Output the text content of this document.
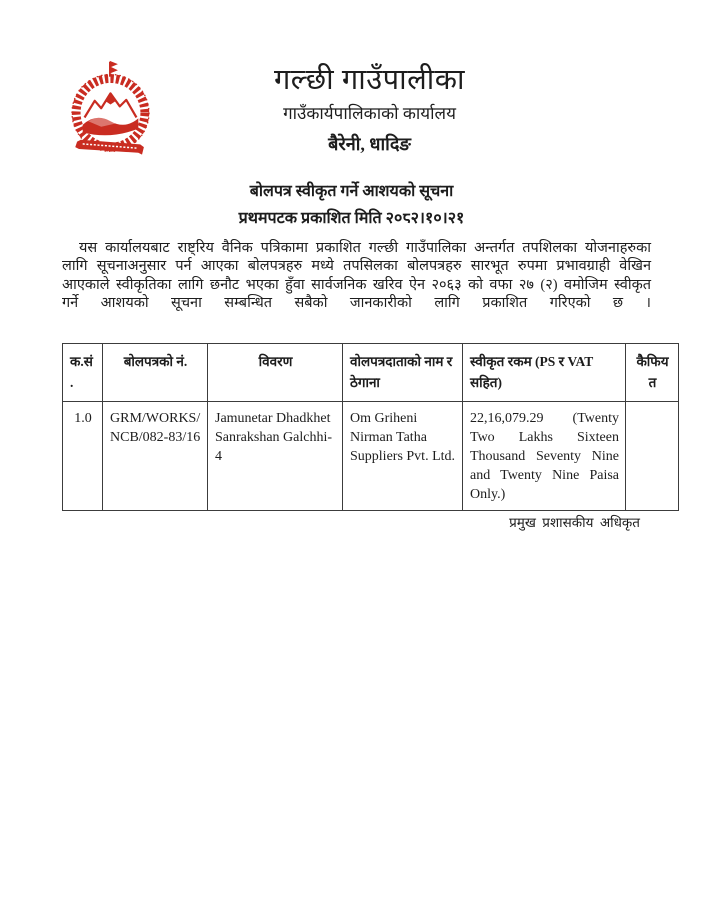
गल्छी गाउँपालीका
गाउँकार्यपालिकाको कार्यालय
बैरेनी, धादिङ
बोलपत्र स्वीकृत गर्ने आशयको सूचना
प्रथमपटक प्रकाशित मिति २०८२।१०।२१
यस कार्यालयबाट राष्ट्रिय वैनिक पत्रिकामा प्रकाशित गल्छी गाउँपालिका अन्तर्गत तपशिलका योजनाहरुका लागि सूचनाअनुसार पर्न आएका बोलपत्रहरु मध्ये तपसिलका बोलपत्रहरु सारभूत रुपमा प्रभावग्राही वेखिन आएकाले स्वीकृतिका लागि छनौट भएका हुँवा सार्वजनिक खरिव ऐन २०६३ को वफा २७ (२) वमोजिम स्वीकृत गर्ने आशयको सूचना सम्बन्धित सबैको जानकारीको लागि प्रकाशित गरिएको छ ।
क.सं .	बोलपत्रको नं.	विवरण	वोलपत्रदाताको नाम र ठेगाना	स्वीकृत रकम (PS र VAT सहित)	कैफियत
1.0	GRM/WORKS/NCB/082-83/16	Jamunetar Dhadkhet Sanrakshan Galchhi-4	Om Griheni Nirman Tatha Suppliers Pvt. Ltd.	22,16,079.29 (Twenty Two Lakhs Sixteen Thousand Seventy Nine and Twenty Nine Paisa Only.)	
प्रमुख प्रशासकीय अधिकृत
